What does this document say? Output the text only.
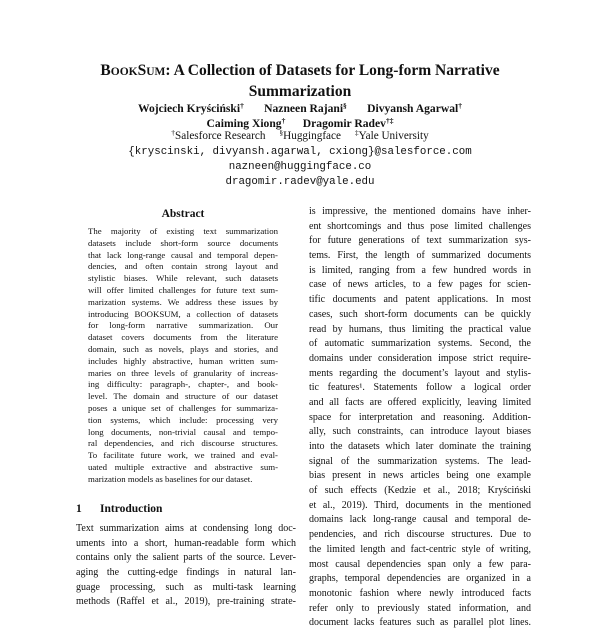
BOOKSUM: A Collection of Datasets for Long-form Narrative
Summarization
Wojciech Kryściński† Nazneen Rajani§ Divyansh Agarwal†
Caiming Xiong† Dragomir Radev†‡
†Salesforce Research §Huggingface ‡Yale University
{kryscinski, divyansh.agarwal, cxiong}@salesforce.com
nazneen@huggingface.co
dragomir.radev@yale.edu
Abstract
The majority of existing text summarization
datasets include short-form source documents
that lack long-range causal and temporal depen-
dencies, and often contain strong layout and
stylistic biases. While relevant, such datasets
will offer limited challenges for future text sum-
marization systems. We address these issues by
introducing BOOKSUM, a collection of datasets
for long-form narrative summarization. Our
dataset covers documents from the literature
domain, such as novels, plays and stories, and
includes highly abstractive, human written sum-
maries on three levels of granularity of increas-
ing difficulty: paragraph-, chapter-, and book-
level. The domain and structure of our dataset
poses a unique set of challenges for summariza-
tion systems, which include: processing very
long documents, non-trivial causal and tempo-
ral dependencies, and rich discourse structures.
To facilitate future work, we trained and eval-
uated multiple extractive and abstractive sum-
marization models as baselines for our dataset.
1 Introduction
Text summarization aims at condensing long doc-
uments into a short, human-readable form which
contains only the salient parts of the source. Lever-
aging the cutting-edge findings in natural lan-
guage processing, such as multi-task learning
methods (Raffel et al., 2019), pre-training strate-
is impressive, the mentioned domains have inher-
ent shortcomings and thus pose limited challenges
for future generations of text summarization sys-
tems. First, the length of summarized documents
is limited, ranging from a few hundred words in
case of news articles, to a few pages for scien-
tific documents and patent applications. In most
cases, such short-form documents can be quickly
read by humans, thus limiting the practical value
of automatic summarization systems. Second, the
domains under consideration impose strict require-
ments regarding the document’s layout and stylis-
tic features¹. Statements follow a logical order
and all facts are offered explicitly, leaving limited
space for interpretation and reasoning. Addition-
ally, such constraints, can introduce layout biases
into the datasets which later dominate the training
signal of the summarization systems. The lead-
bias present in news articles being one example
of such effects (Kedzie et al., 2018; Kryściński
et al., 2019). Third, documents in the mentioned
domains lack long-range causal and temporal de-
pendencies, and rich discourse structures. Due to
the limited length and fact-centric style of writing,
most causal dependencies span only a few para-
graphs, temporal dependencies are organized in a
monotonic fashion where newly introduced facts
refer only to previously stated information, and
document lacks features such as parallel plot lines.
